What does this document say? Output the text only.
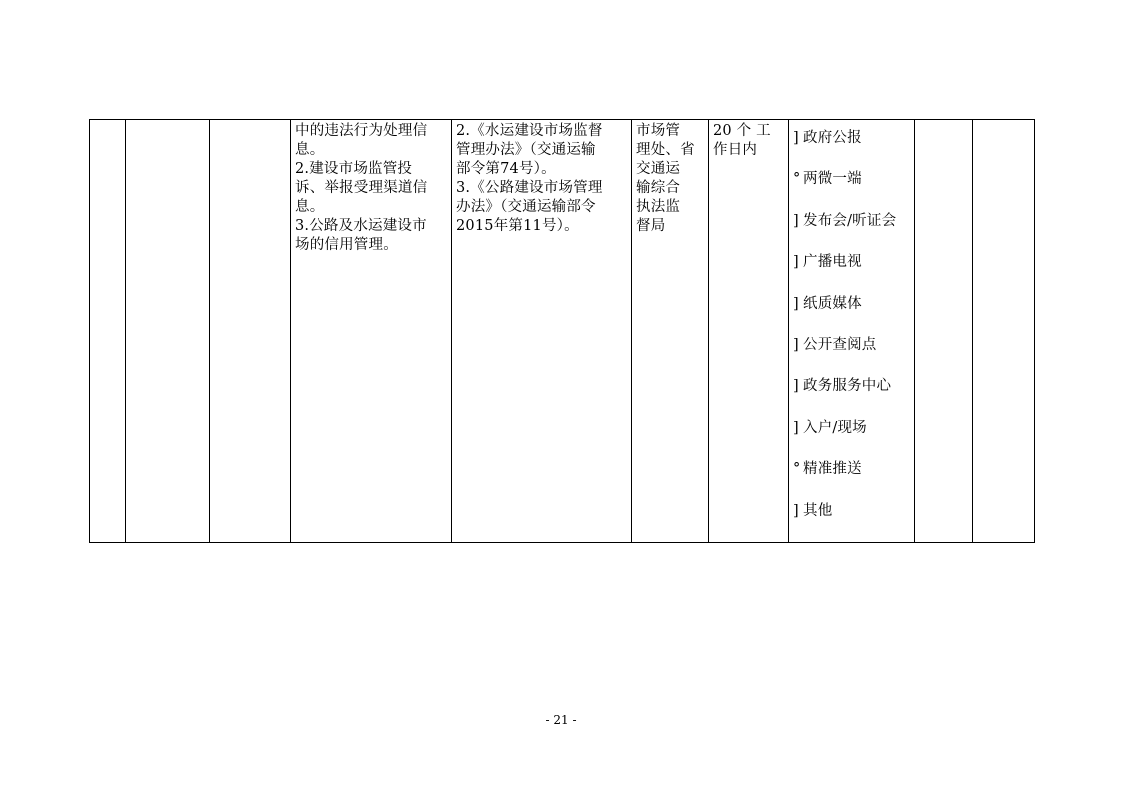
中的违法行为处理信
息。
2.建设市场监管投
诉、举报受理渠道信
息。
3.公路及水运建设市
场的信用管理。

2.《水运建设市场监督
管理办法》（交通运输
部令第74号）。
3.《公路建设市场管理
办法》（交通运输部令
2015年第11号）。

市场管
理处、省
交通运
输综合
执法监
督局

20 个 工
作日内

] 政府公报
° 两微一端
] 发布会/听证会
] 广播电视
] 纸质媒体
] 公开查阅点
] 政务服务中心
] 入户/现场
° 精准推送
] 其他

- 21 -
